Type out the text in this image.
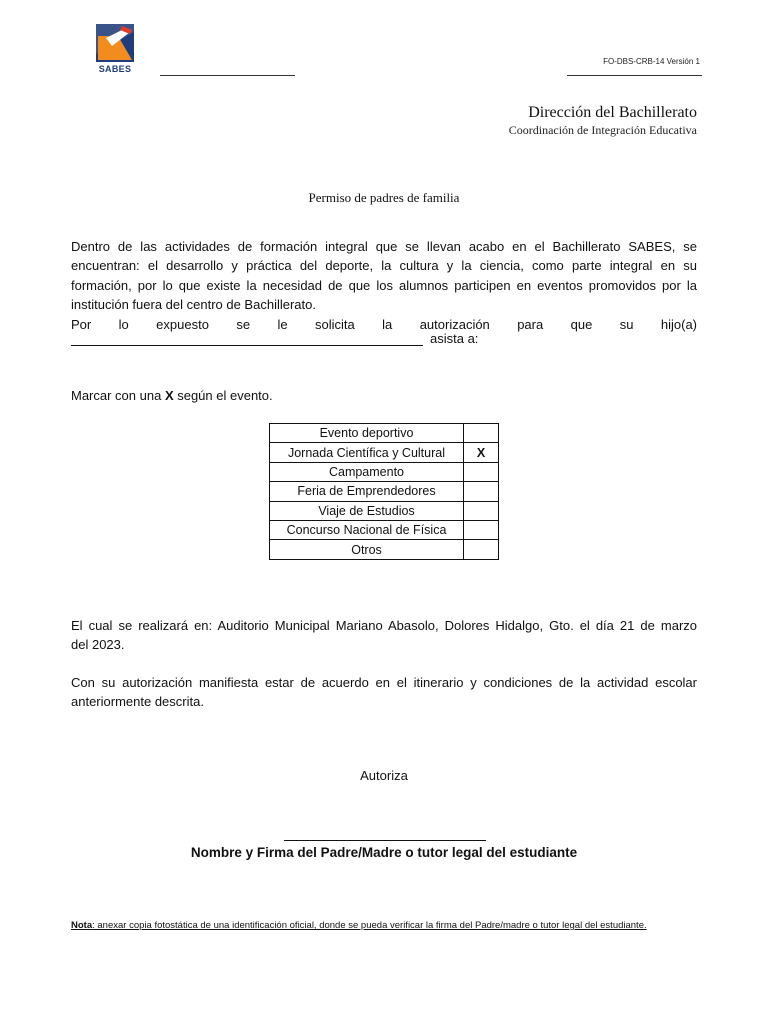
SABES
FO-DBS-CRB-14 Versión 1
Dirección del Bachillerato
Coordinación de Integración Educativa
Permiso de padres de familia
Dentro de las actividades de formación integral que se llevan acabo en el Bachillerato SABES, se
encuentran: el desarrollo y práctica del deporte, la cultura y la ciencia, como parte integral en su
formación, por lo que existe la necesidad de que los alumnos participen en eventos promovidos por la
institución fuera del centro de Bachillerato.
Por lo expuesto se le solicita la autorización para que su hijo(a)
asista a:
Marcar con una X según el evento.
Evento deportivo	
Jornada Científica y Cultural	X
Campamento	
Feria de Emprendedores	
Viaje de Estudios	
Concurso Nacional de Física	
Otros	
El cual se realizará en: Auditorio Municipal Mariano Abasolo, Dolores Hidalgo, Gto. el día 21 de marzo
del 2023.
Con su autorización manifiesta estar de acuerdo en el itinerario y condiciones de la actividad escolar
anteriormente descrita.
Autoriza
Nombre y Firma del Padre/Madre o tutor legal del estudiante
Nota: anexar copia fotostática de una identificación oficial, donde se pueda verificar la firma del Padre/madre o tutor legal del estudiante.
